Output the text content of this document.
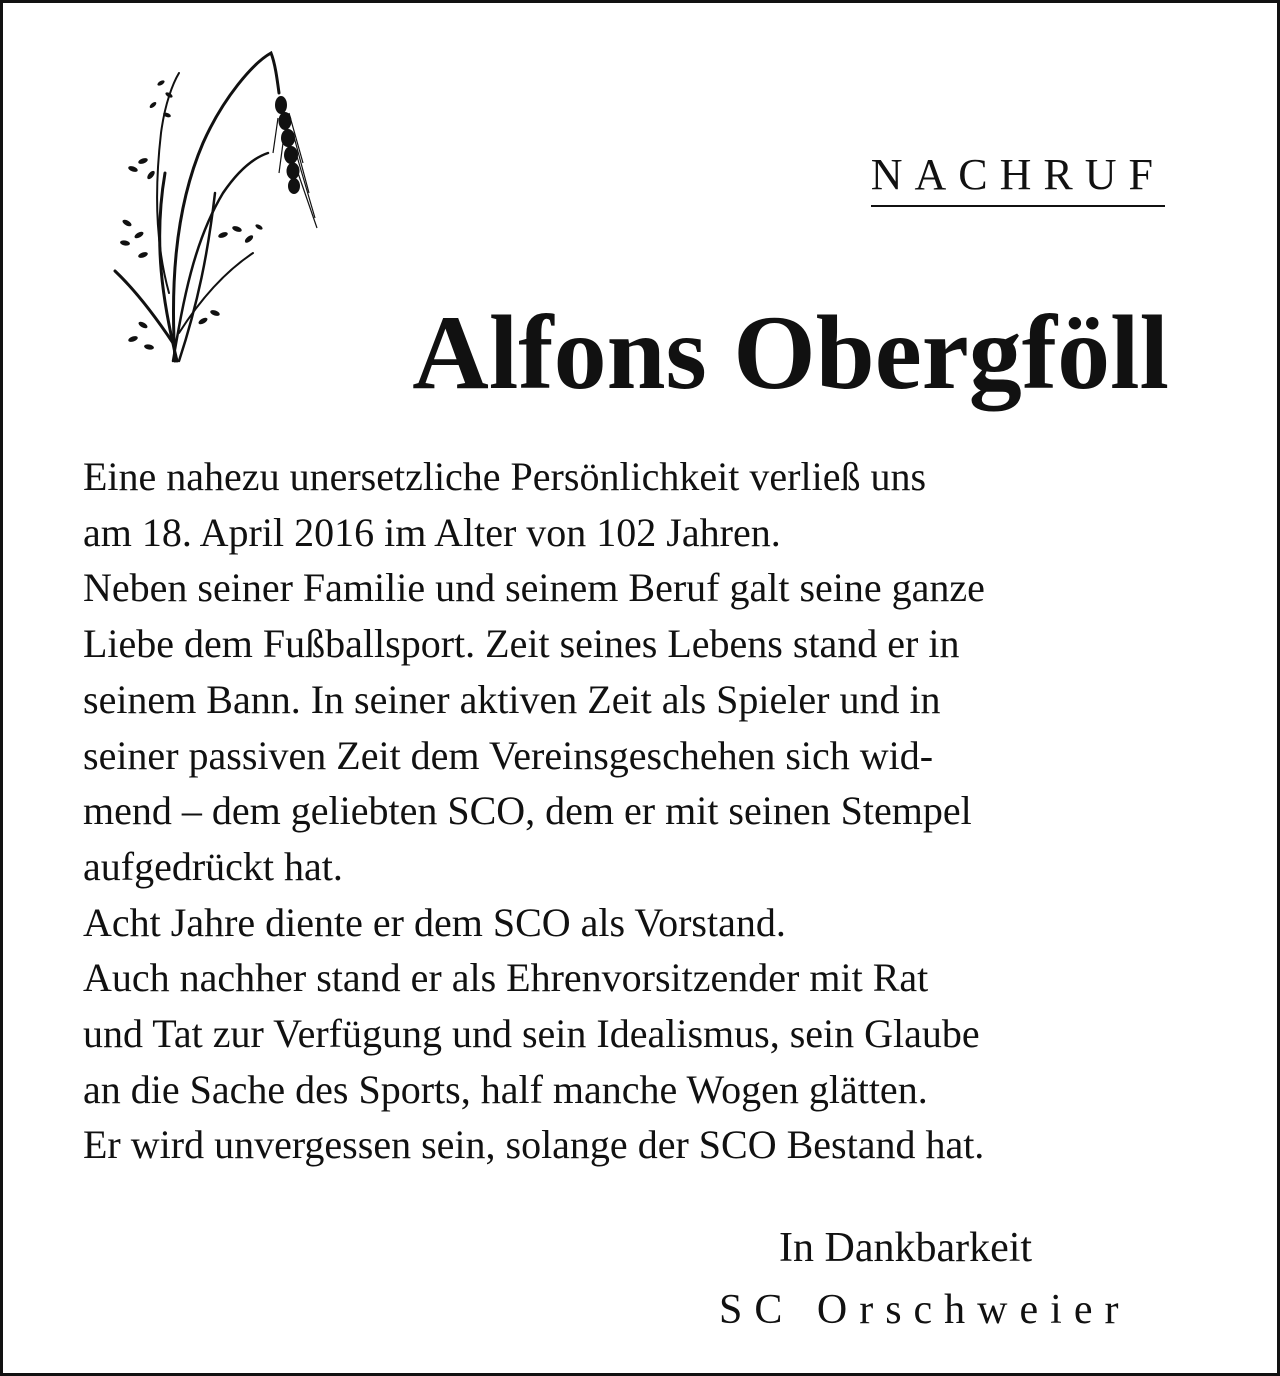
NACHRUF
Alfons Obergföll
Eine nahezu unersetzliche Persönlichkeit verließ uns
am 18. April 2016 im Alter von 102 Jahren.
Neben seiner Familie und seinem Beruf galt seine ganze
Liebe dem Fußballsport. Zeit seines Lebens stand er in
seinem Bann. In seiner aktiven Zeit als Spieler und in
seiner passiven Zeit dem Vereinsgeschehen sich wid-
mend – dem geliebten SCO, dem er mit seinen Stempel
aufgedrückt hat.
Acht Jahre diente er dem SCO als Vorstand.
Auch nachher stand er als Ehrenvorsitzender mit Rat
und Tat zur Verfügung und sein Idealismus, sein Glaube
an die Sache des Sports, half manche Wogen glätten.
Er wird unvergessen sein, solange der SCO Bestand hat.

In Dankbarkeit

SC Orschweier
